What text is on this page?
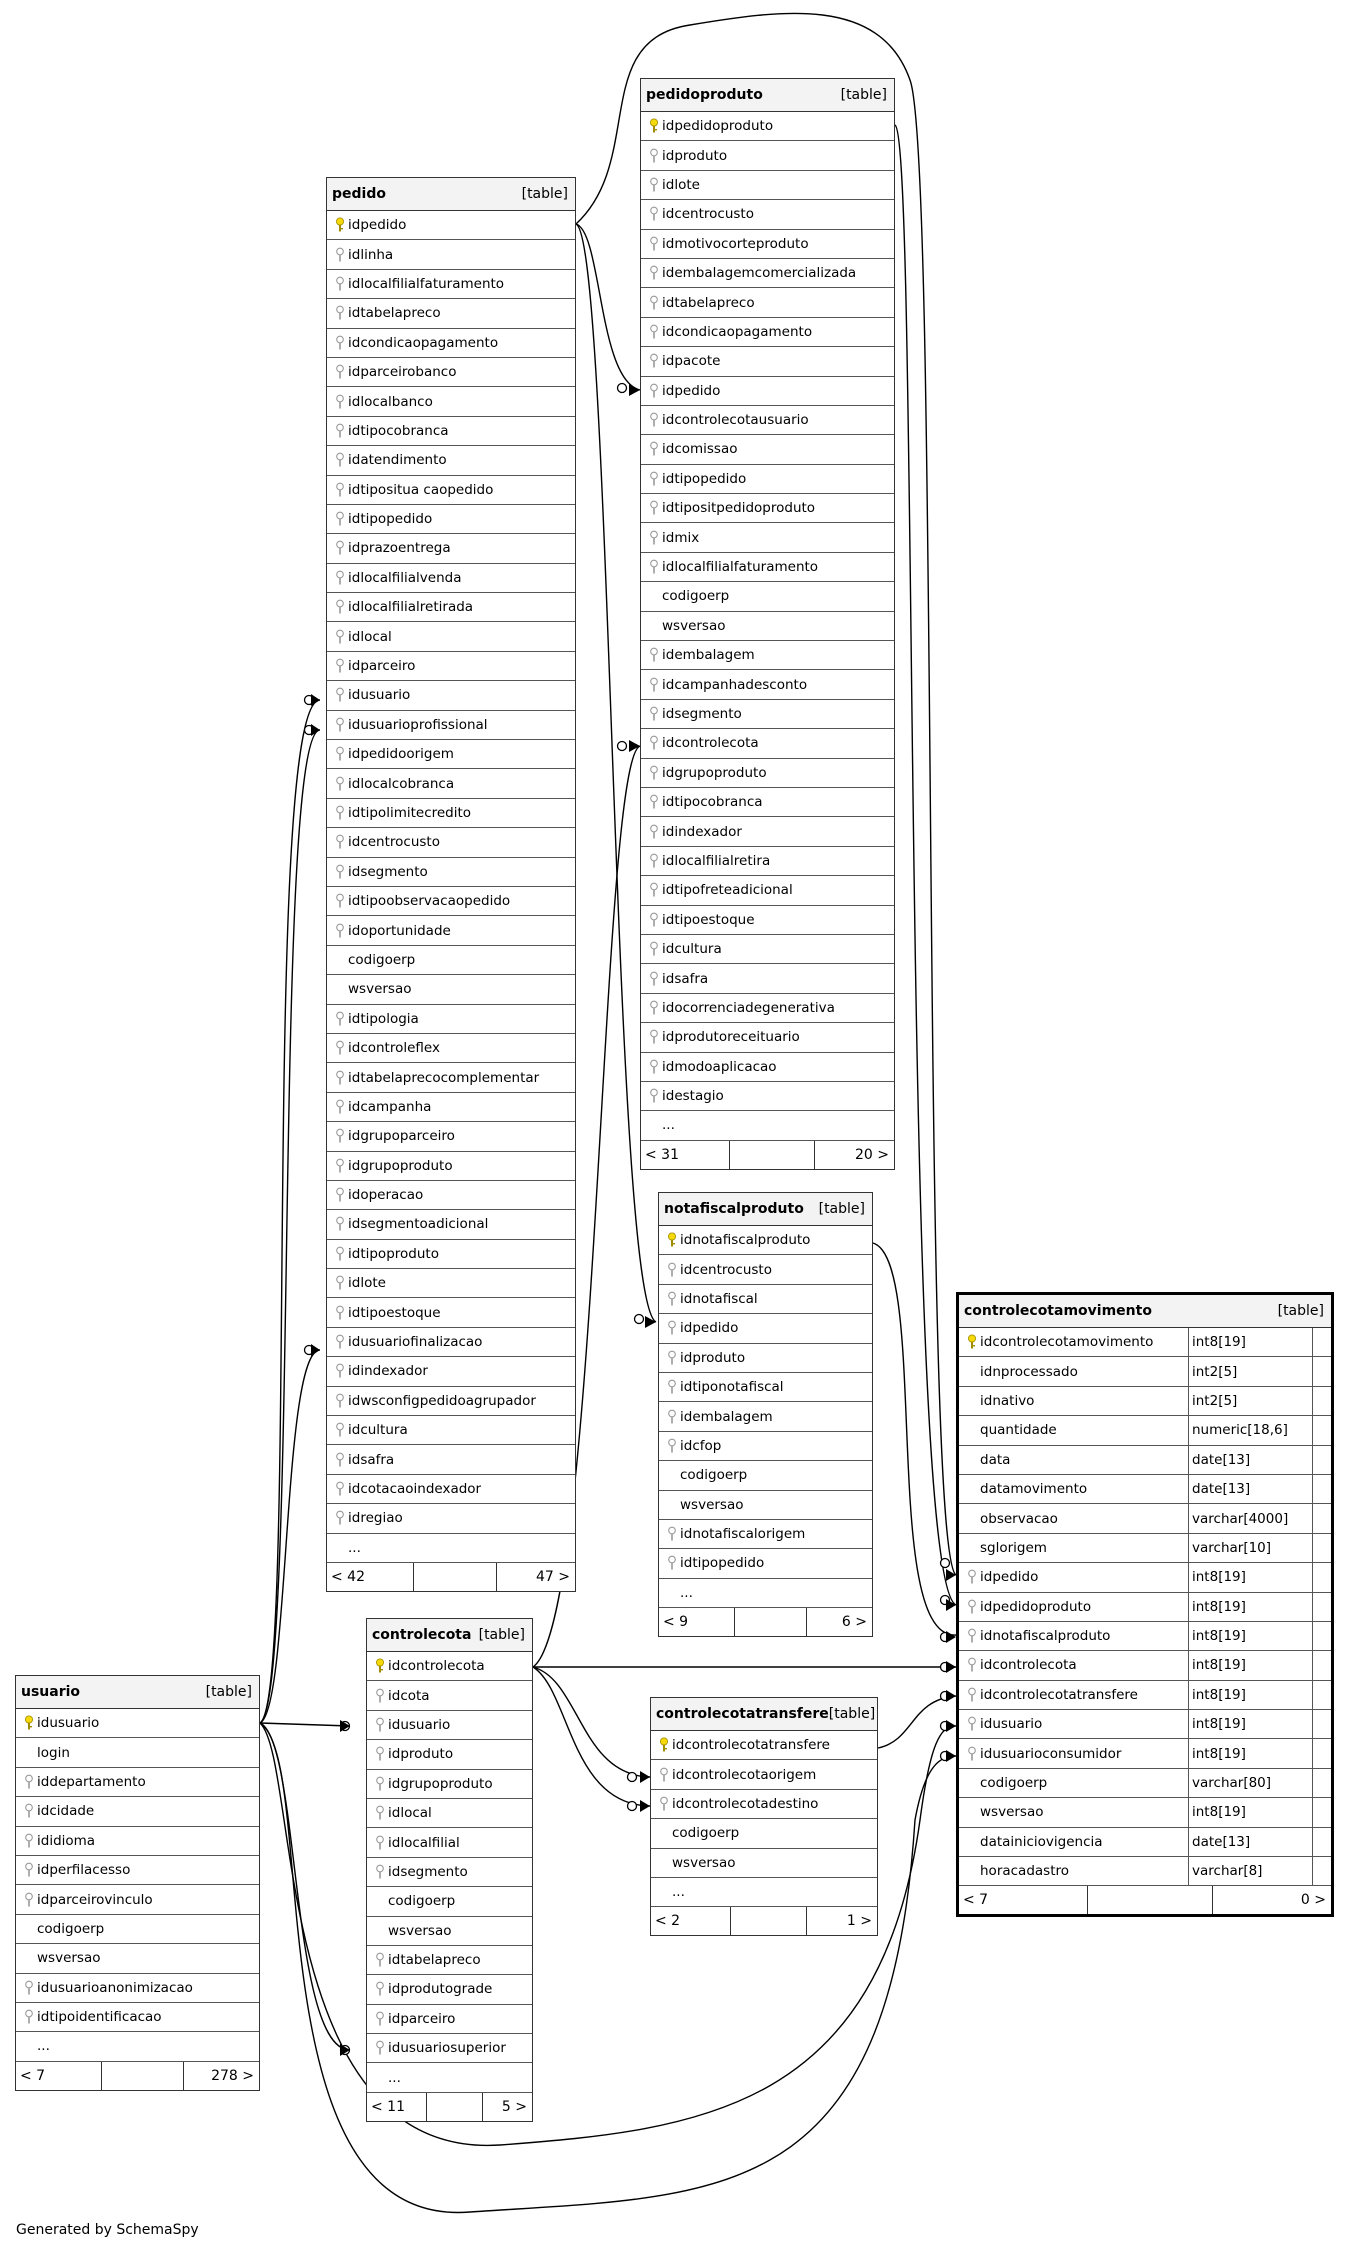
pedidoproduto	[table]
idpedidoproduto
idproduto
idlote
idcentrocusto
idmotivocorteproduto
idembalagemcomercializada
idtabelapreco
idcondicaopagamento
idpacote
idpedido
idcontrolecotausuario
idcomissao
idtipopedido
idtipositpedidoproduto
idmix
idlocalfilialfaturamento
codigoerp
wsversao
idembalagem
idcampanhadesconto
idsegmento
idcontrolecota
idgrupoproduto
idtipocobranca
idindexador
idlocalfilialretira
idtipofreteadicional
idtipoestoque
idcultura
idsafra
idocorrenciadegenerativa
idprodutoreceituario
idmodoaplicacao
idestagio
...
< 31	20 >
pedido	[table]
idpedido
idlinha
idlocalfilialfaturamento
idtabelapreco
idcondicaopagamento
idparceirobanco
idlocalbanco
idtipocobranca
idatendimento
idtipositua caopedido
idtipopedido
idprazoentrega
idlocalfilialvenda
idlocalfilialretirada
idlocal
idparceiro
idusuario
idusuarioprofissional
idpedidoorigem
idlocalcobranca
idtipolimitecredito
idcentrocusto
idsegmento
idtipoobservacaopedido
idoportunidade
codigoerp
wsversao
idtipologia
idcontroleflex
idtabelaprecocomplementar
idcampanha
idgrupoparceiro
idgrupoproduto
idoperacao
idsegmentoadicional
idtipoproduto
idlote
idtipoestoque
idusuariofinalizacao
idindexador
idwsconfigpedidoagrupador
idcultura
idsafra
idcotacaoindexador
idregiao
...
< 42	47 >
notafiscalproduto [table]
idnotafiscalproduto
idcentrocusto
idnotafiscal
idpedido
idproduto
idtiponotafiscal
idembalagem
idcfop
codigoerp
wsversao
idnotafiscalorigem
idtipopedido
...
< 9	6 >
controlecotamovimento	[table]
idcontrolecotamovimento	int8[19]
idnprocessado	int2[5]
idnativo	int2[5]
quantidade	numeric[18,6]
data	date[13]
datamovimento	date[13]
observacao	varchar[4000]
sglorigem	varchar[10]
idpedido	int8[19]
idpedidoproduto	int8[19]
idnotafiscalproduto	int8[19]
idcontrolecota	int8[19]
idcontrolecotatransfere	int8[19]
idusuario	int8[19]
idusuarioconsumidor	int8[19]
codigoerp	varchar[80]
wsversao	int8[19]
datainiciovigencia	date[13]
horacadastro	varchar[8]
< 7	0 >
controlecota [table]
idcontrolecota
idcota
idusuario
idproduto
idgrupoproduto
idlocal
idlocalfilial
idsegmento
codigoerp
wsversao
idtabelapreco
idprodutograde
idparceiro
idusuariosuperior
...
< 11	5 >
controlecotatransfere [table]
idcontrolecotatransfere
idcontrolecotaorigem
idcontrolecotadestino
codigoerp
wsversao
...
< 2	1 >
usuario	[table]
idusuario
login
iddepartamento
idcidade
ididioma
idperfilacesso
idparceirovinculo
codigoerp
wsversao
idusuarioanonimizacao
idtipoidentificacao
...
< 7	278 >
Generated by SchemaSpy
